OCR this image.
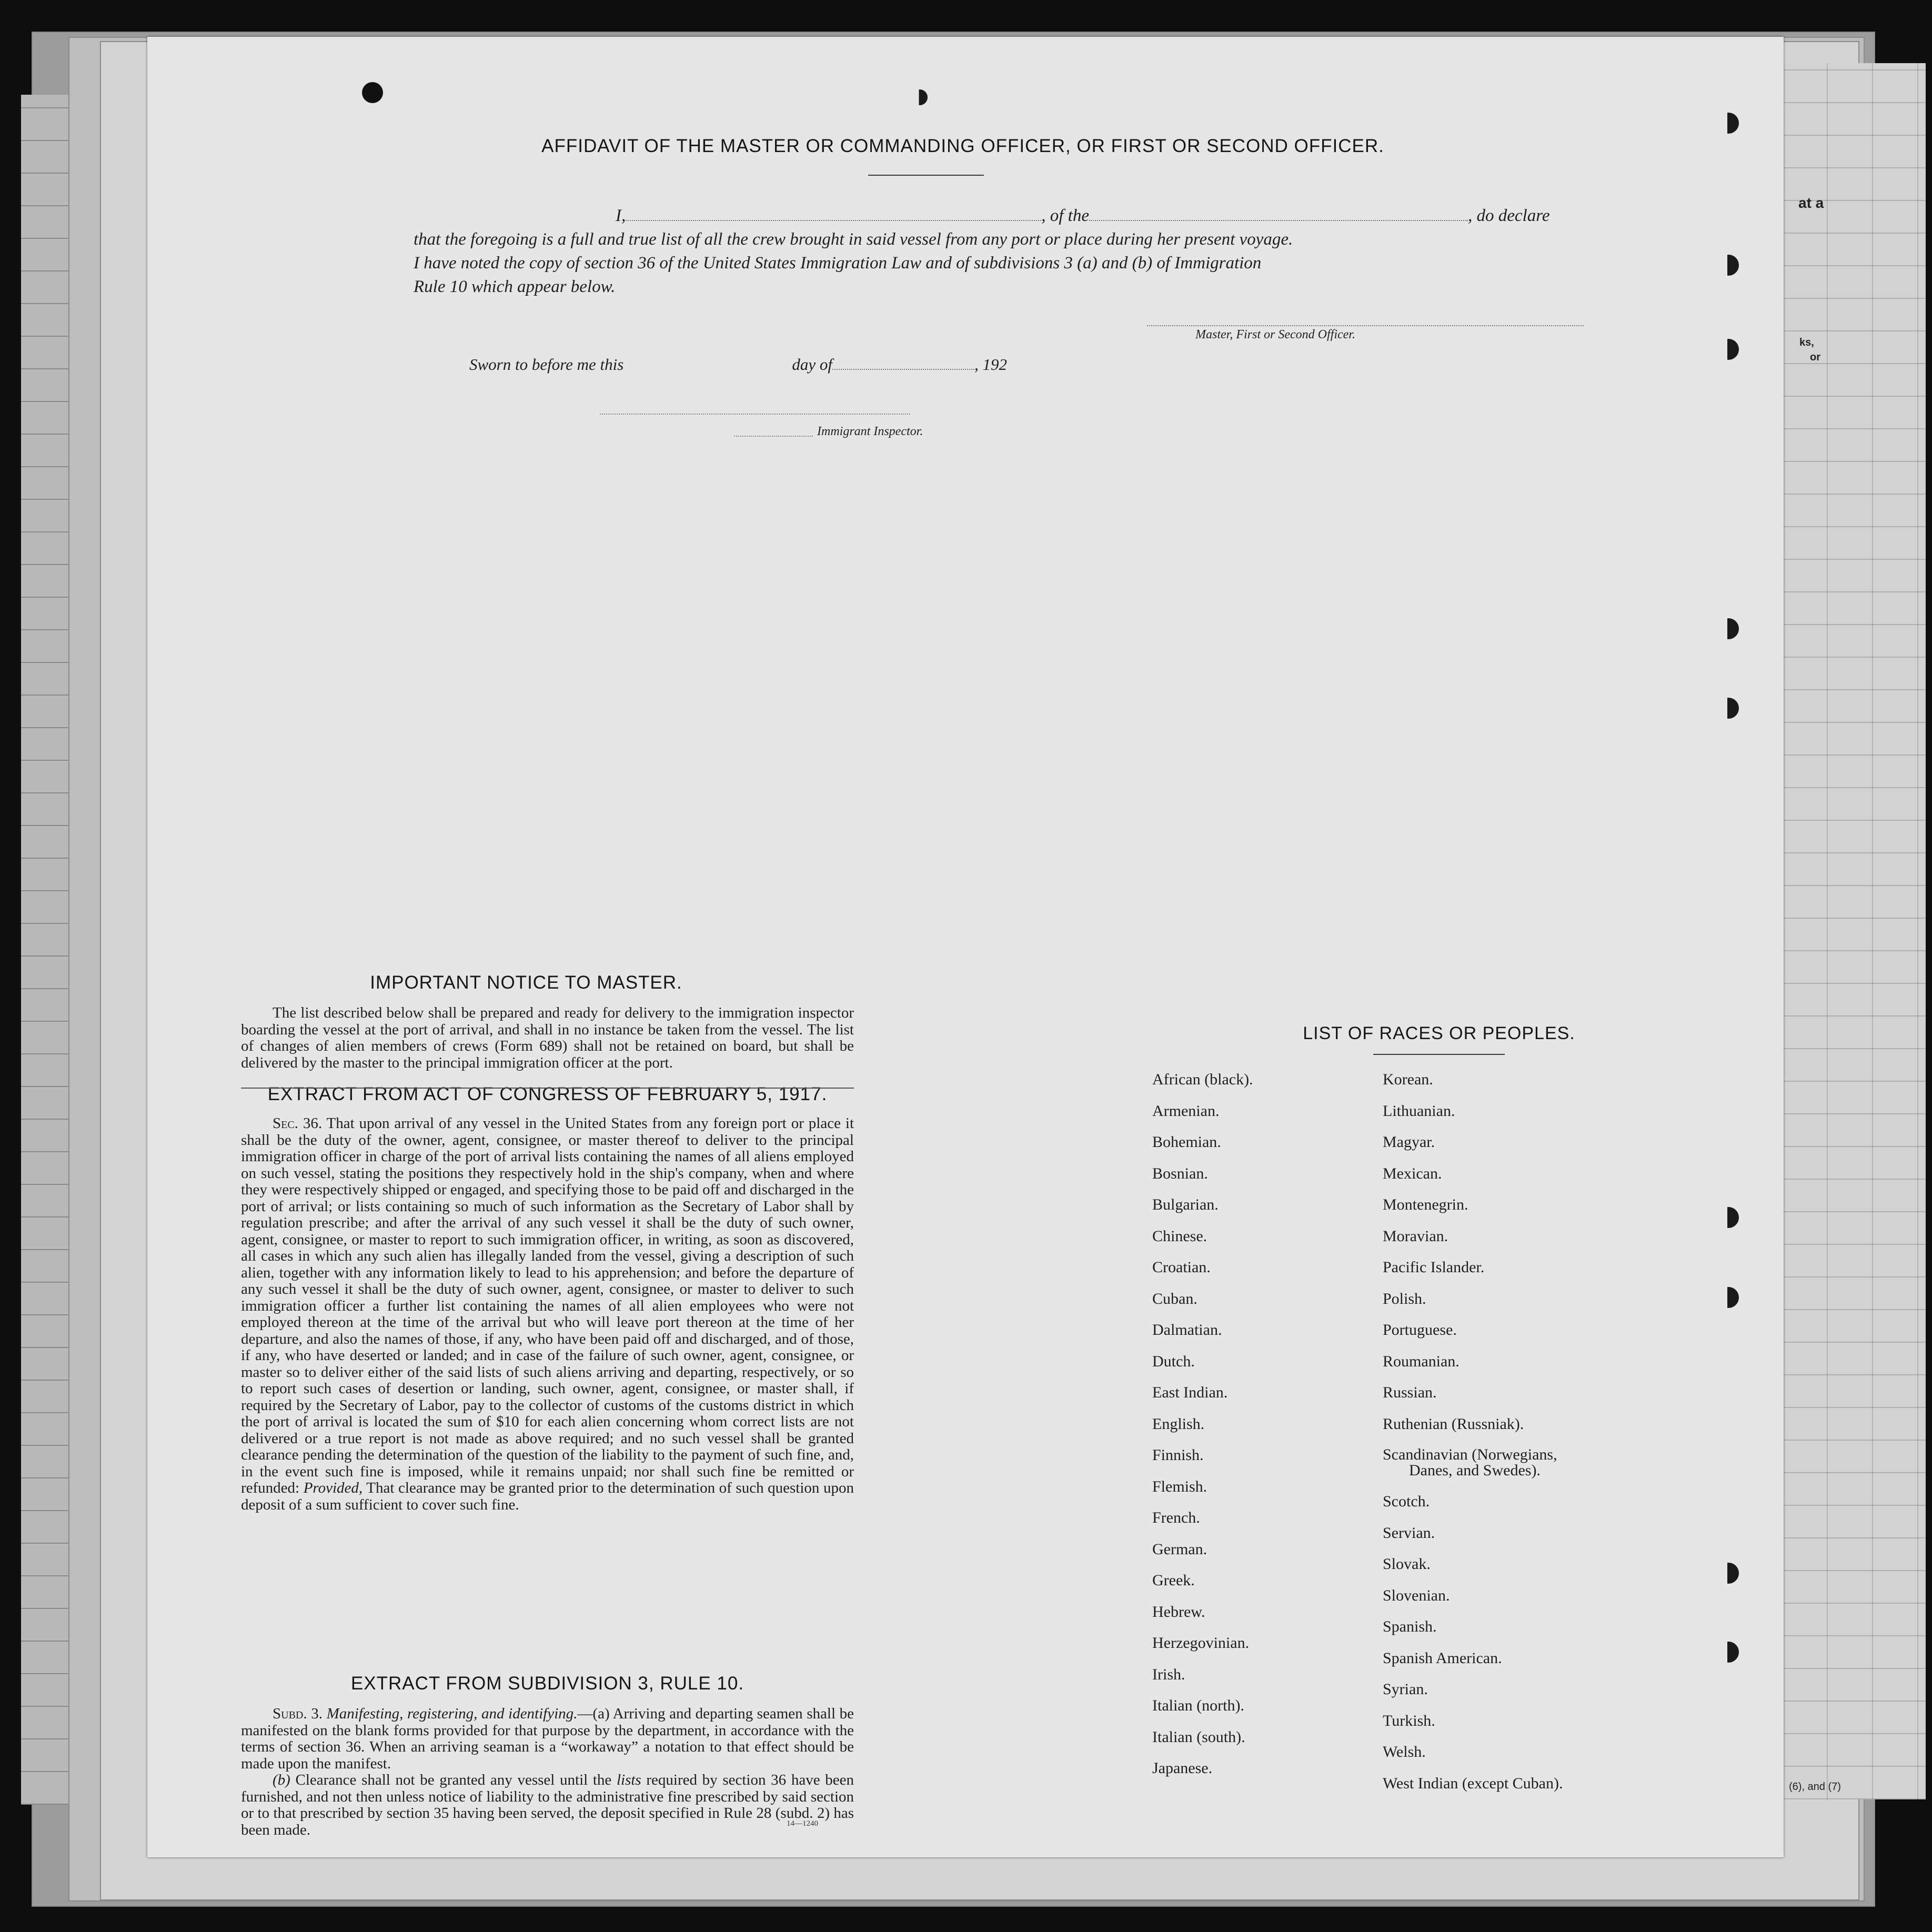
at a
ks,
or
(6), and (7)
AFFIDAVIT OF THE MASTER OR COMMANDING OFFICER, OR FIRST OR SECOND OFFICER.
I,	, of the	, do declare
that the foregoing is a full and true list of all the crew brought in said vessel from any port or place during her present voyage.
I have noted the copy of section 36 of the United States Immigration Law and of subdivisions 3 (a) and (b) of Immigration
Rule 10 which appear below.
Master, First or Second Officer.
Sworn to before me this	day of	, 192
Immigrant Inspector.
IMPORTANT NOTICE TO MASTER.

The list described below shall be prepared and ready for delivery to the immigration inspector boarding the vessel at the port of arrival, and shall in no instance be taken from the vessel. The list of changes of alien members of crews (Form 689) shall not be retained on board, but shall be delivered by the master to the principal immigration officer at the port.

EXTRACT FROM ACT OF CONGRESS OF FEBRUARY 5, 1917.

Sec. 36. That upon arrival of any vessel in the United States from any foreign port or place it shall be the duty of the owner, agent, consignee, or master thereof to deliver to the principal immigration officer in charge of the port of arrival lists containing the names of all aliens employed on such vessel, stating the positions they respectively hold in the ship's company, when and where they were respectively shipped or engaged, and specifying those to be paid off and discharged in the port of arrival; or lists containing so much of such information as the Secretary of Labor shall by regulation prescribe; and after the arrival of any such vessel it shall be the duty of such owner, agent, consignee, or master to report to such immigration officer, in writing, as soon as discovered, all cases in which any such alien has illegally landed from the vessel, giving a description of such alien, together with any information likely to lead to his apprehension; and before the departure of any such vessel it shall be the duty of such owner, agent, consignee, or master to deliver to such immigration officer a further list containing the names of all alien employees who were not employed thereon at the time of the arrival but who will leave port thereon at the time of her departure, and also the names of those, if any, who have been paid off and discharged, and of those, if any, who have deserted or landed; and in case of the failure of such owner, agent, consignee, or master so to deliver either of the said lists of such aliens arriving and departing, respectively, or so to report such cases of desertion or landing, such owner, agent, consignee, or master shall, if required by the Secretary of Labor, pay to the collector of customs of the customs district in which the port of arrival is located the sum of $10 for each alien concerning whom correct lists are not delivered or a true report is not made as above required; and no such vessel shall be granted clearance pending the determination of the question of the liability to the payment of such fine, and, in the event such fine is imposed, while it remains unpaid; nor shall such fine be remitted or refunded: Provided, That clearance may be granted prior to the determination of such question upon deposit of a sum sufficient to cover such fine.

EXTRACT FROM SUBDIVISION 3, RULE 10.

Subd. 3. Manifesting, registering, and identifying.—(a) Arriving and departing seamen shall be manifested on the blank forms provided for that purpose by the department, in accordance with the terms of section 36. When an arriving seaman is a “workaway” a notation to that effect should be made upon the manifest.

(b) Clearance shall not be granted any vessel until the lists required by section 36 have been furnished, and not then unless notice of liability to the administrative fine prescribed by said section or to that prescribed by section 35 having been served, the deposit specified in Rule 28 (subd. 2) has been made.	14—1240
LIST OF RACES OR PEOPLES.
African (black).
Armenian.
Bohemian.
Bosnian.
Bulgarian.
Chinese.
Croatian.
Cuban.
Dalmatian.
Dutch.
East Indian.
English.
Finnish.
Flemish.
French.
German.
Greek.
Hebrew.
Herzegovinian.
Irish.
Italian (north).
Italian (south).
Japanese.
Korean.
Lithuanian.
Magyar.
Mexican.
Montenegrin.
Moravian.
Pacific Islander.
Polish.
Portuguese.
Roumanian.
Russian.
Ruthenian (Russniak).
Scandinavian (Norwegians,
Danes, and Swedes).
Scotch.
Servian.
Slovak.
Slovenian.
Spanish.
Spanish American.
Syrian.
Turkish.
Welsh.
West Indian (except Cuban).
